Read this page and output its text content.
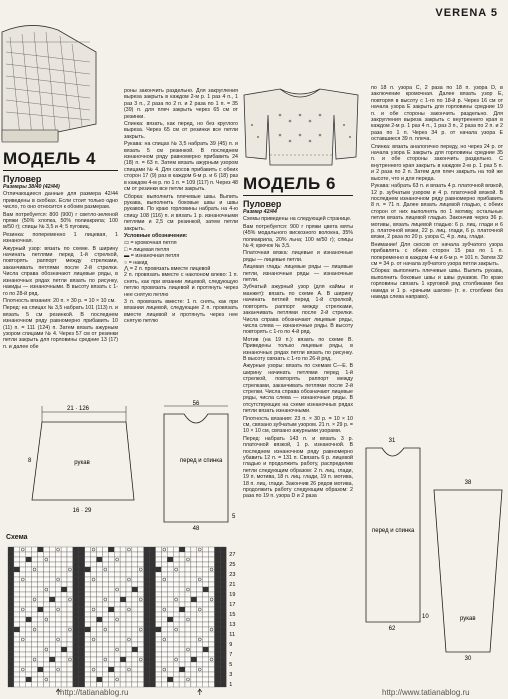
VERENA 5
МОДЕЛЬ 4
Пуловер

Размеры 38/40 (42/44)

Отличающиеся данные для размера 42/44 приведены в скобках. Если стоит только одно число, то оно относится к обоим размерам.

Вам потребуется: 800 (900) г светло-зеленой пряжи (50% хлопка, 50% полиакрила; 100 м/50 г); спицы № 3,5 и 4; 5 пуговиц.

Резинка: попеременно 1 лицевая, 1 изнаночная.

Ажурный узор: вязать по схеме. В ширину начинать петлями перед 1-й стрелкой, повторять раппорт между стрелками, заканчивать петлями после 2-й стрелки. Числа справа обозначают лицевые ряды, в изнаночных рядах петли вязать по рисунку, накиды — изнаночными. В высоту вязать с 1-го по 28-й ряд.

Плотность вязания: 20 п. × 30 р. = 10 × 10 см.

Перед: на спицах № 3,5 набрать 101 (113) п. и вязать 5 см резинкой. В последнем изнаночном ряду равномерно прибавить 10 (11) п. = 111 (124) п. Затем вязать ажурным узором спицами № 4. Через 57 см от резинки петли закрыть для горловины средние 13 (17) п. и далее обе

роны закончить раздельно. Для закругления выреза закрыть в каждом 2-м р. 1 раз 4 п., 1 раз 3 п., 2 раза по 2 п. и 2 раза по 1 п. = 35 (39) п. для плеч закрыть через 65 см от резинки.

Спинка: вязать, как перед, но без круглого выреза. Через 65 см от резинки все петли закрыть.

Рукава: на спицах № 3,5 набрать 39 (45) п. и вязать 5 см резинкой. В последнем изнаночном ряду равномерно прибавить 24 (18) п. = 63 п. Затем вязать ажурным узором спицами № 4. Для скосов прибавить с обеих сторон 17 (9) раз в каждом 6-м р. и 6 (18) раз в каждом 4-м р. по 1 п. = 109 (117) п. Через 48 см от резинки все петли закрыть.

Сборка: выполнить плечевые швы. Выпить рукава, выполнить боковые швы и швы рукавов. По краю горловины набрать на 4-ю спицу 108 (116) п. и вязать 1 р. изнаночными петлями и 2,5 см резинкой, затем петли закрыть.

Условные обозначения:

▭ = кромочная петля
□ = лицевая петля
▬ = изнаночная петля
○ = накид
⋀ = 2 п. провязать вместе лицевой

2 п. провязать вместе с наклоном влево: 1 п. снять, как при вязании лицевой, следующую петлю провязать лицевой и протянуть через нее снятую петлю

3 п. провязать вместе: 1 п. снять, как при вязании лицевой, следующие 2 п. провязать вместе лицевой и протянуть через нее снятую петлю

МОДЕЛЬ 6
Пуловер

Размер 42/44

Схемы приведены на следующей странице.

Вам потребуется: 900 г пряжи цвета мяты (45% модального вискозного волокна, 35% полиакрила, 20% льна; 100 м/50 г); спицы № 4; крючок № 3,5.

Платочная вязка: лицевые и изнаночные ряды — лицевые петли.

Лицевая гладь: лицевые ряды — лицевые петли, изнаночные ряды — изнаночные петли.

Зубчатый ажурный узор (для каймы и манжет): вязать по схеме А. В ширину начинать петлей перед 1-й стрелкой, повторять раппорт между стрелками, заканчивать петлями после 2-й стрелки. Числа справа обозначают лицевые ряды, числа слева — изнаночные ряды. В высоту повторять с 1-го по 4-й ряд.

Мотив (на 19 п.): вязать по схеме В. Приведены только лицевые ряды, в изнаночных рядах петли вязать по рисунку. В высоту связать с 1-го по 26-й ряд.

Ажурные узоры: вязать по схемам С—Е. В ширину начинать петлями перед 1-й стрелкой, повторять раппорт между стрелками, заканчивать петлями после 2-й стрелки. Числа справа обозначают лицевые ряды, числа слева — изнаночные ряды. В отсутствующих на схеме изнаночных рядах петли вязать изнаночными.

Плотность вязания: 23 п. × 30 р. = 10 × 10 см, связано зубчатым узором. 21 п. × 29 р. = 10 × 10 см, связано ажурными узорами.

Перед: набрать 143 п. и вязать 3 р. платочной вязкой, 1 р. изнаночной. В последнем изнаночном ряду равномерно убавить 12 п. = 131 п. Связать 6 р. лицевой гладью и продолжить работу, распределив петли следующим образом: 2 п. лиц. глади, 19 п. мотива, 18 п. лиц. глади, 19 п. мотива, 18 п. лиц. глади. Закончив 26 рядов мотива, продолжить работу следующим образом: 2 раза по 19 п. узора D и 2 раза

по 18 п. узора С, 2 раза по 18 п. узора D, в заключение кромочная. Далее вязать узор Е, повторяя в высоту с 1-го по 18-й р. Через 16 см от начала узора Е закрыть для горловины средние 19 п. и обе стороны закончить раздельно. Для закругления выреза закрыть с внутреннего края в каждом 2-м р. 1 раз 4 п., 1 раз 3 п., 2 раза по 2 п. и 2 раза по 1 п. Через 34 р. от начала узора Е оставшиеся 39 п. плеча.

Спинка: вязать аналогично переду, но через 24 р. от начала узора Е закрыть для горловины средние 35 п. и обе стороны закончить раздельно. С внутреннего края закрыть в каждом 2-м р. 1 раз 5 п. и 2 раза по 2 п. Затем для плеч закрыть на той же высоте, что и для переда.

Рукава: набрать 63 п. и вязать 4 р. платочной вязкой, 12 р. зубчатым узором и 4 р. платочной вязкой. В последнем изнаночном ряду равномерно прибавить 8 п. = 71 п. Далее вязать лицевой гладью, с обеих сторон от них выполнять по 1 мотиву, остальные петли вязать лицевой гладью. Закончив через 36 р. мотивы, вязать лицевой гладью: 6 р. лиц. глади и 6 р. платочной вязки, 22 р. лиц. глади, 6 р. платочной вязки, 2 раза по 20 р. узора С, 4 р. лиц. глади.

Внимание! Для скосов от начала зубчатого узора прибавлять с обеих сторон 15 раз по 1 п. попеременно в каждом 4-м и 6-м р. = 101 п. Затем 32 см = 34 р. от начала зубчатого узора петли закрыть.

Сборка: выполнить плечевые швы. Выпить рукава, выполнить боковые швы и швы рукавов. По краю горловины связать 1 круговой ряд столбиками без накида и 1 р. «рачьим шагом» (т. е. столбики без накида слева направо).

21 · 126
8	рукав
16 · 29
56
перед и спинка
5
48
31
перед и спинка
10
62
38
рукав
30
Схема
27
25
23
21
19
17
15
13
11
9
7
5
3
1
http://tatianablog.ru	http://www.tatianablog.ru
